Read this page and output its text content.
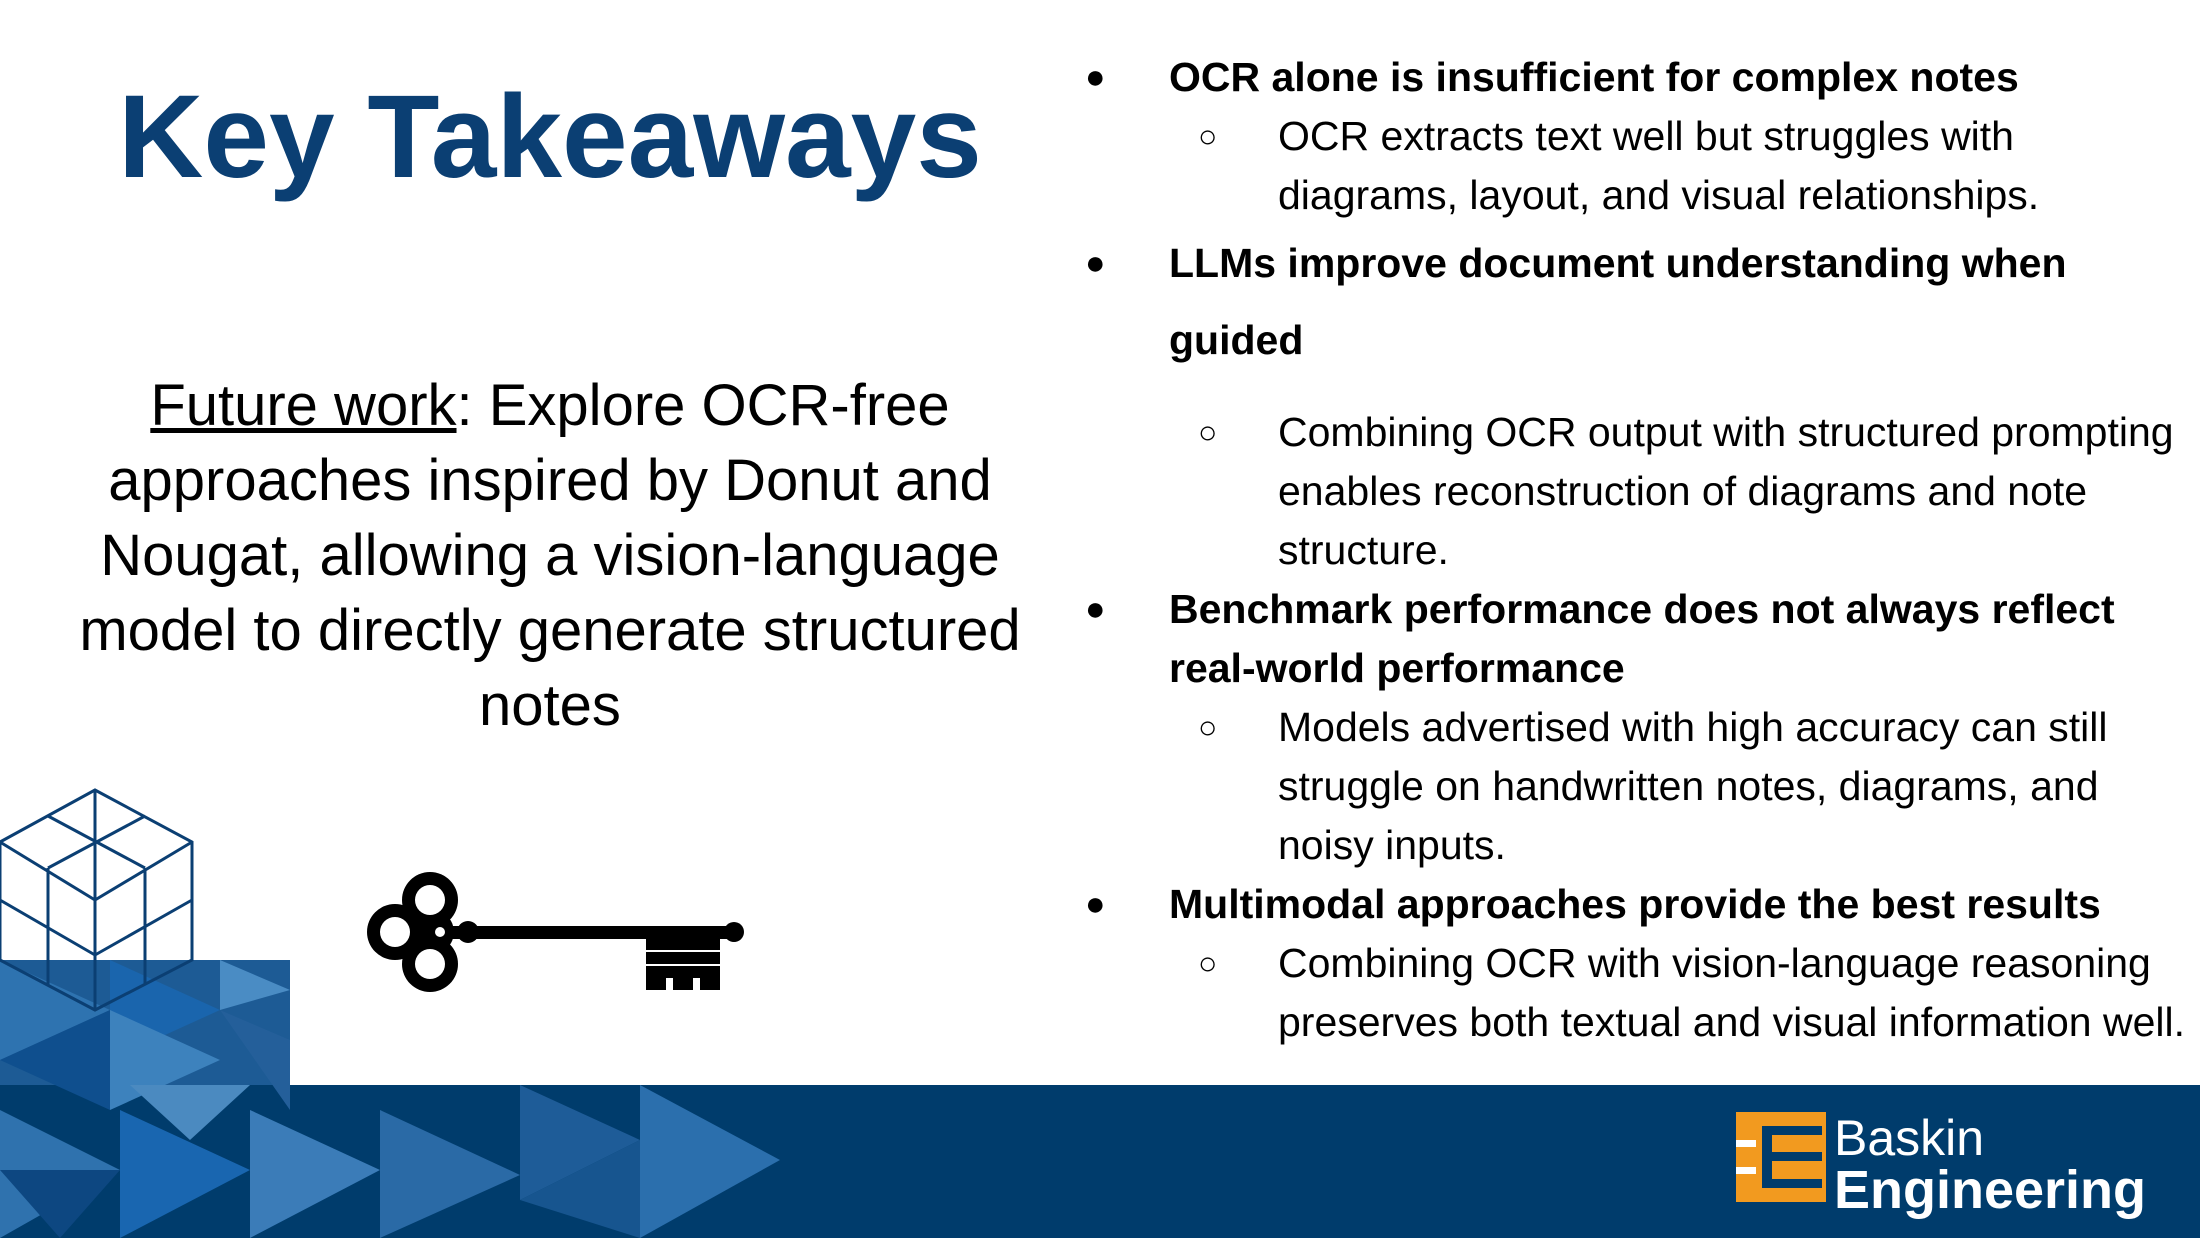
Key Takeaways
Future work: Explore OCR-free approaches inspired by Donut and Nougat, allowing a vision-language model to directly generate structured notes
● OCR alone is insufficient for complex notes
○ OCR extracts text well but struggles with diagrams, layout, and visual relationships.
● LLMs improve document understanding when guided
○ Combining OCR output with structured prompting enables reconstruction of diagrams and note structure.
● Benchmark performance does not always reflect real-world performance
○ Models advertised with high accuracy can still struggle on handwritten notes, diagrams, and noisy inputs.
● Multimodal approaches provide the best results
○ Combining OCR with vision-language reasoning preserves both textual and visual information well.
Baskin
Engineering
